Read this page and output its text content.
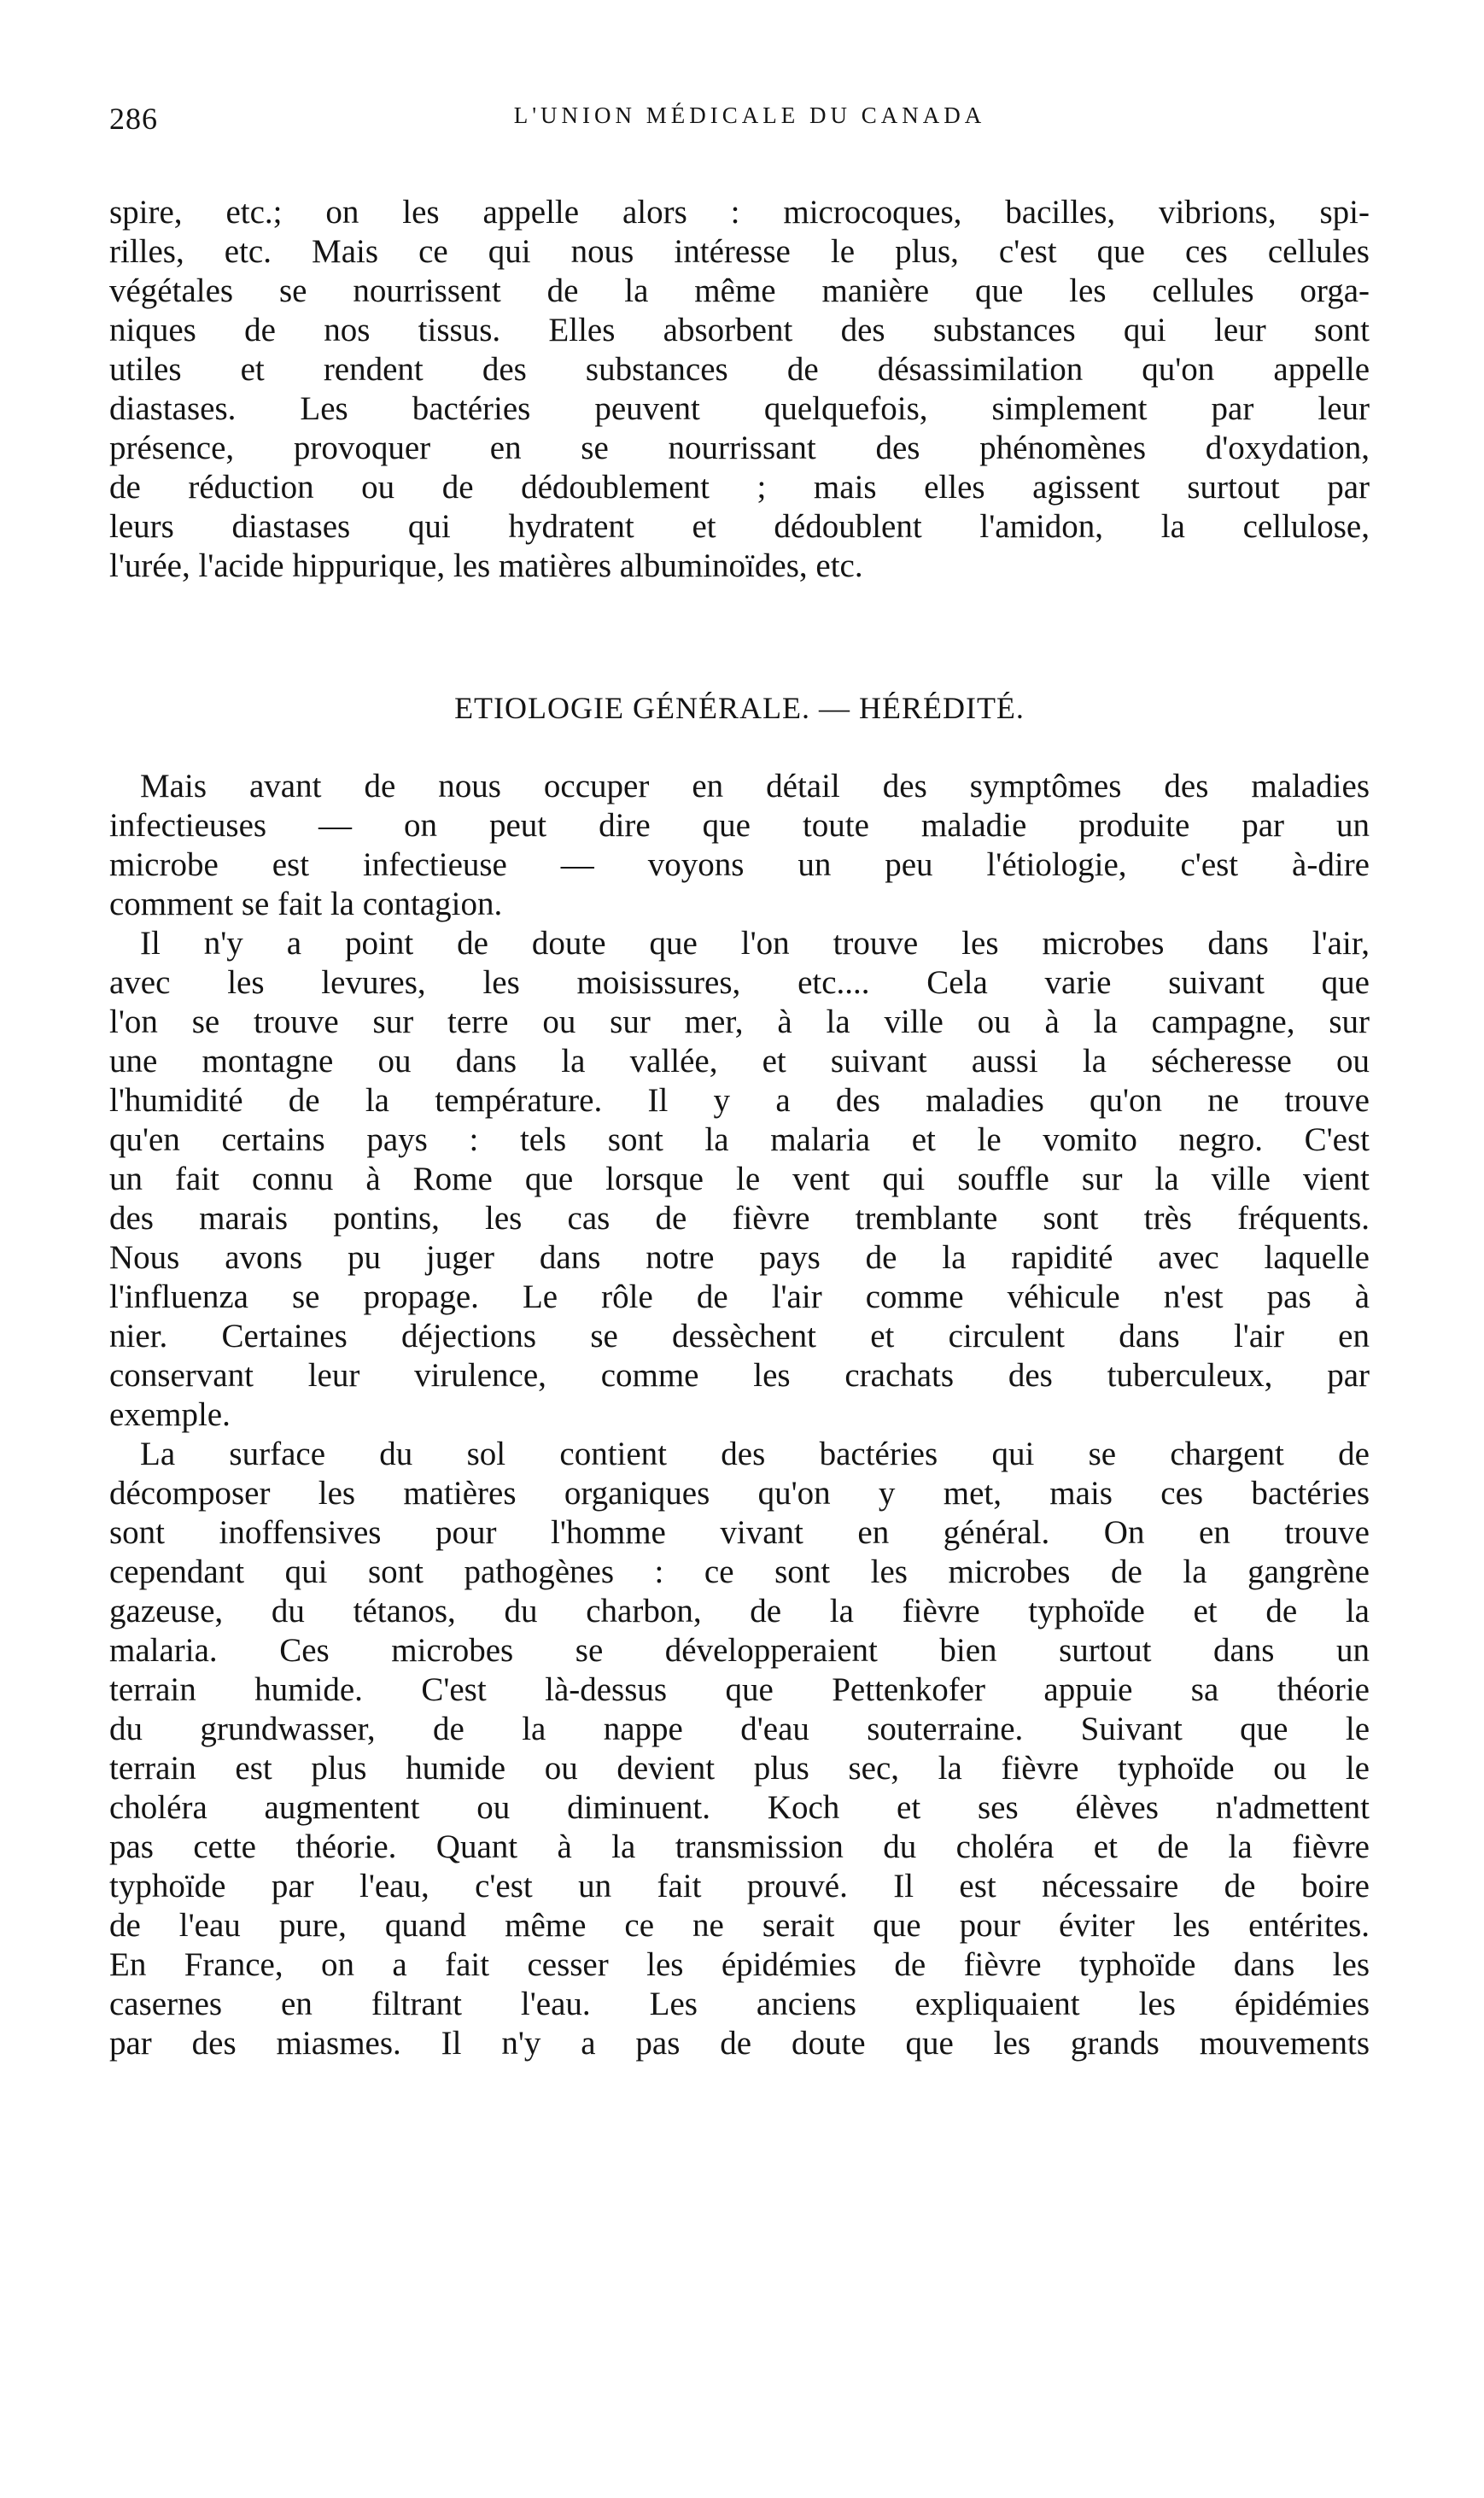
286	L'UNION MÉDICALE DU CANADA
spire, etc.; on les appelle alors : microcoques, bacilles, vibrions, spi-
rilles, etc. Mais ce qui nous intéresse le plus, c'est que ces cellules
végétales se nourrissent de la même manière que les cellules orga-
niques de nos tissus. Elles absorbent des substances qui leur sont
utiles et rendent des substances de désassimilation qu'on appelle
diastases. Les bactéries peuvent quelquefois, simplement par leur
présence, provoquer en se nourrissant des phénomènes d'oxydation,
de réduction ou de dédoublement ; mais elles agissent surtout par
leurs diastases qui hydratent et dédoublent l'amidon, la cellulose,
l'urée, l'acide hippurique, les matières albuminoïdes, etc.
ETIOLOGIE GÉNÉRALE. — HÉRÉDITÉ.
Mais avant de nous occuper en détail des symptômes des maladies
infectieuses — on peut dire que toute maladie produite par un
microbe est infectieuse — voyons un peu l'étiologie, c'est à-dire
comment se fait la contagion.
Il n'y a point de doute que l'on trouve les microbes dans l'air,
avec les levures, les moisissures, etc.... Cela varie suivant que
l'on se trouve sur terre ou sur mer, à la ville ou à la campagne, sur
une montagne ou dans la vallée, et suivant aussi la sécheresse ou
l'humidité de la température. Il y a des maladies qu'on ne trouve
qu'en certains pays : tels sont la malaria et le vomito negro. C'est
un fait connu à Rome que lorsque le vent qui souffle sur la ville vient
des marais pontins, les cas de fièvre tremblante sont très fréquents.
Nous avons pu juger dans notre pays de la rapidité avec laquelle
l'influenza se propage. Le rôle de l'air comme véhicule n'est pas à
nier. Certaines déjections se dessèchent et circulent dans l'air en
conservant leur virulence, comme les crachats des tuberculeux, par
exemple.
La surface du sol contient des bactéries qui se chargent de
décomposer les matières organiques qu'on y met, mais ces bactéries
sont inoffensives pour l'homme vivant en général. On en trouve
cependant qui sont pathogènes : ce sont les microbes de la gangrène
gazeuse, du tétanos, du charbon, de la fièvre typhoïde et de la
malaria. Ces microbes se développeraient bien surtout dans un
terrain humide. C'est là-dessus que Pettenkofer appuie sa théorie
du grundwasser, de la nappe d'eau souterraine. Suivant que le
terrain est plus humide ou devient plus sec, la fièvre typhoïde ou le
choléra augmentent ou diminuent. Koch et ses élèves n'admettent
pas cette théorie. Quant à la transmission du choléra et de la fièvre
typhoïde par l'eau, c'est un fait prouvé. Il est nécessaire de boire
de l'eau pure, quand même ce ne serait que pour éviter les entérites.
En France, on a fait cesser les épidémies de fièvre typhoïde dans les
casernes en filtrant l'eau. Les anciens expliquaient les épidémies
par des miasmes. Il n'y a pas de doute que les grands mouvements
